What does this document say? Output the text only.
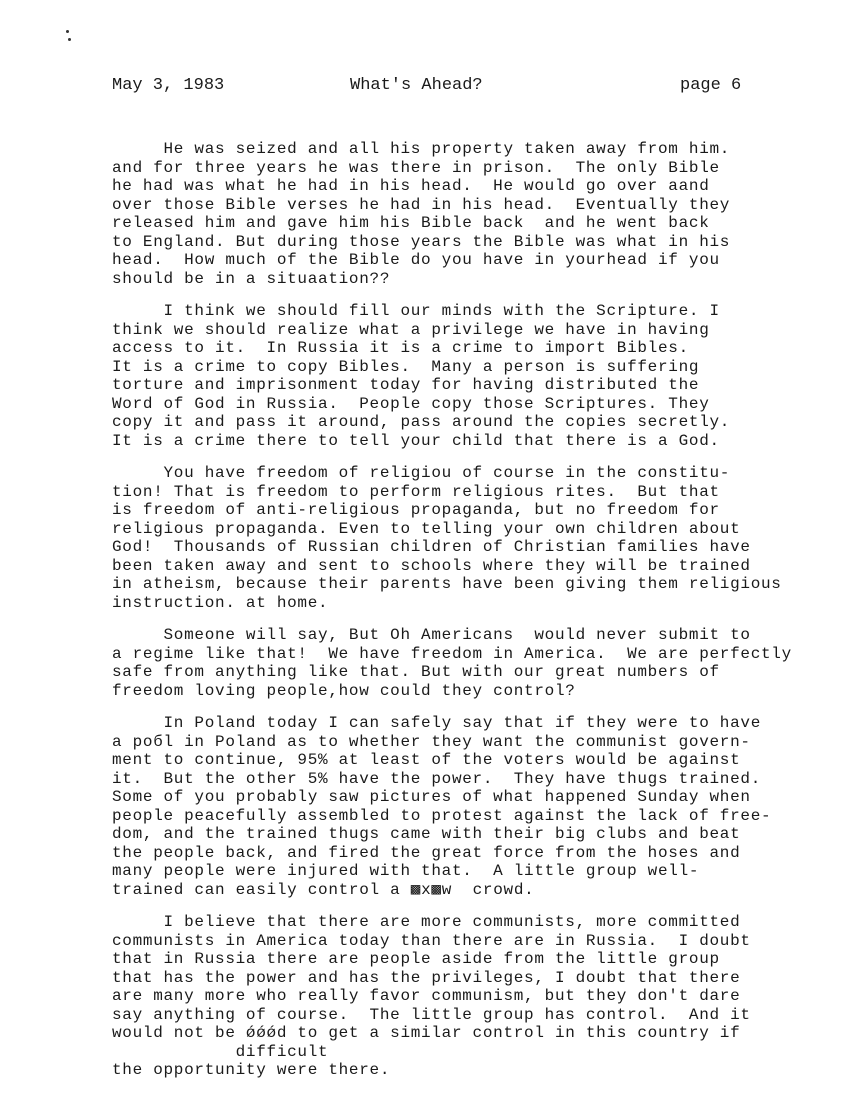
May 3, 1983	What's Ahead?	page 6
He was seized and all his property taken away from him.
and for three years he was there in prison.  The only Bible
he had was what he had in his head.  He would go over aand
over those Bible verses he had in his head.  Eventually they
released him and gave him his Bible back  and he went back
to England. But during those years the Bible was what in his
head.  How much of the Bible do you have in yourhead if you
should be in a situaation??
I think we should fill our minds with the Scripture. I
think we should realize what a privilege we have in having
access to it.  In Russia it is a crime to import Bibles.
It is a crime to copy Bibles.  Many a person is suffering
torture and imprisonment today for having distributed the
Word of God in Russia.  People copy those Scriptures. They
copy it and pass it around, pass around the copies secretly.
It is a crime there to tell your child that there is a God.
You have freedom of religiou of course in the constitu-
tion! That is freedom to perform religious rites.  But that
is freedom of anti-religious propaganda, but no freedom for
religious propaganda. Even to telling your own children about
God!  Thousands of Russian children of Christian families have
been taken away and sent to schools where they will be trained
in atheism, because their parents have been giving them religious
instruction. at home.
Someone will say, But Oh Americans  would never submit to
a regime like that!  We have freedom in America.  We are perfectly
safe from anything like that. But with our great numbers of
freedom loving people,how could they control?
In Poland today I can safely say that if they were to have
a poбl in Poland as to whether they want the communist govern-
ment to continue, 95% at least of the voters would be against
it.  But the other 5% have the power.  They have thugs trained.
Some of you probably saw pictures of what happened Sunday when
people peacefully assembled to protest against the lack of free-
dom, and the trained thugs came with their big clubs and beat
the people back, and fired the great force from the hoses and
many people were injured with that.  A little group well-
trained can easily control a ▩x▩w  crowd.
I believe that there are more communists, more committed
communists in America today than there are in Russia.  I doubt
that in Russia there are people aside from the little group
that has the power and has the privileges, I doubt that there
are many more who really favor communism, but they don't dare
say anything of course.  The little group has control.  And it
would not be ǿǿǿd to get a similar control in this country if
difficult
the opportunity were there.
